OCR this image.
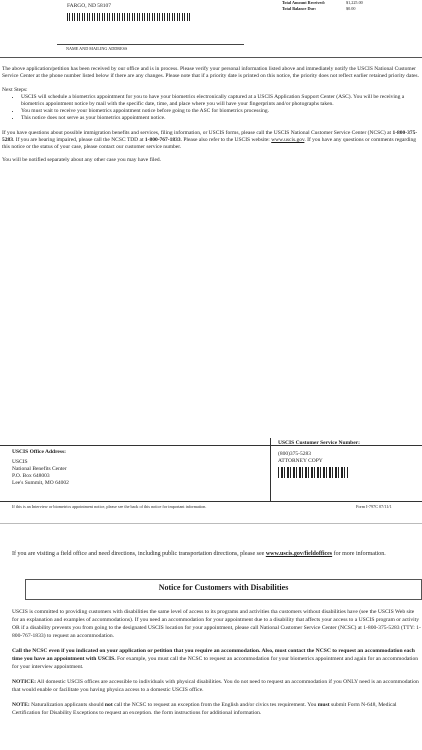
FARGO, ND 58107
Total Amount Received:	$1,225.00
Total Balance Due:	$0.00
NAME AND MAILING ADDRESS

The above application/petition has been received by our office and is in process. Please verify your personal information listed above and immediately notify the USCIS National Customer Service Center at the phone number listed below if there are any changes. Please note that if a priority date is printed on this notice, the priority does not reflect earlier retained priority dates.

Next Steps:

• USCIS will schedule a biometrics appointment for you to have your biometrics electronically captured at a USCIS Application Support Center (ASC). You will be receiving a biometrics appointment notice by mail with the specific date, time, and place where you will have your fingerprints and/or photographs taken.
• You must wait to receive your biometrics appointment notice before going to the ASC for biometrics processing.
• This notice does not serve as your biometrics appointment notice.

If you have questions about possible immigration benefits and services, filing information, or USCIS forms, please call the USCIS National Customer Service Center (NCSC) at 1-800-375-5283. If you are hearing impaired, please call the NCSC TDD at 1-800-767-1833. Please also refer to the USCIS website: www.uscis.gov. If you have any questions or comments regarding this notice or the status of your case, please contact our customer service number.

You will be notified separately about any other case you may have filed.

USCIS Office Address:
USCIS
National Benefits Center
P.O. Box 648003
Lee's Summit, MO 64002
USCIS Customer Service Number:
(800)375-5283
ATTORNEY COPY
If this is an Interview or biometrics appointment notice, please see the back of this notice for important information.	Form I-797C 07/11/1
If you are visiting a field office and need directions, including public transportation directions, please see www.uscis.gov/fieldoffices for more information.
Notice for Customers with Disabilities

USCIS is committed to providing customers with disabilities the same level of access to its programs and activities tha customers without disabilities have (see the USCIS Web site for an explanation and examples of accommodations). If you need an accommodation for your appointment due to a disability that affects your access to a USCIS program or activity OR if a disability prevents you from going to the designated USCIS location for your appointment, please call National Customer Service Center (NCSC) at 1-800-375-5283 (TTY: 1-800-767-1833) to request an accommodation.

Call the NCSC even if you indicated on your application or petition that you require an accommodation. Also, must contact the NCSC to request an accommodation each time you have an appointment with USCIS. For example, you must call the NCSC to request an accommodation for your biometrics appointment and again for an accommodation for your interview appointment.

NOTICE: All domestic USCIS offices are accessible to individuals with physical disabilities. You do not need to request an accommodation if you ONLY need is an accommodation that would enable or facilitate you having physica access to a domestic USCIS office.

NOTE: Naturalization applicants should not call the NCSC to request an exception from the English and/or civics tes requirement. You must submit Form N-648, Medical Certification for Disability Exceptions to request an exception. the form instructions for additional information.
